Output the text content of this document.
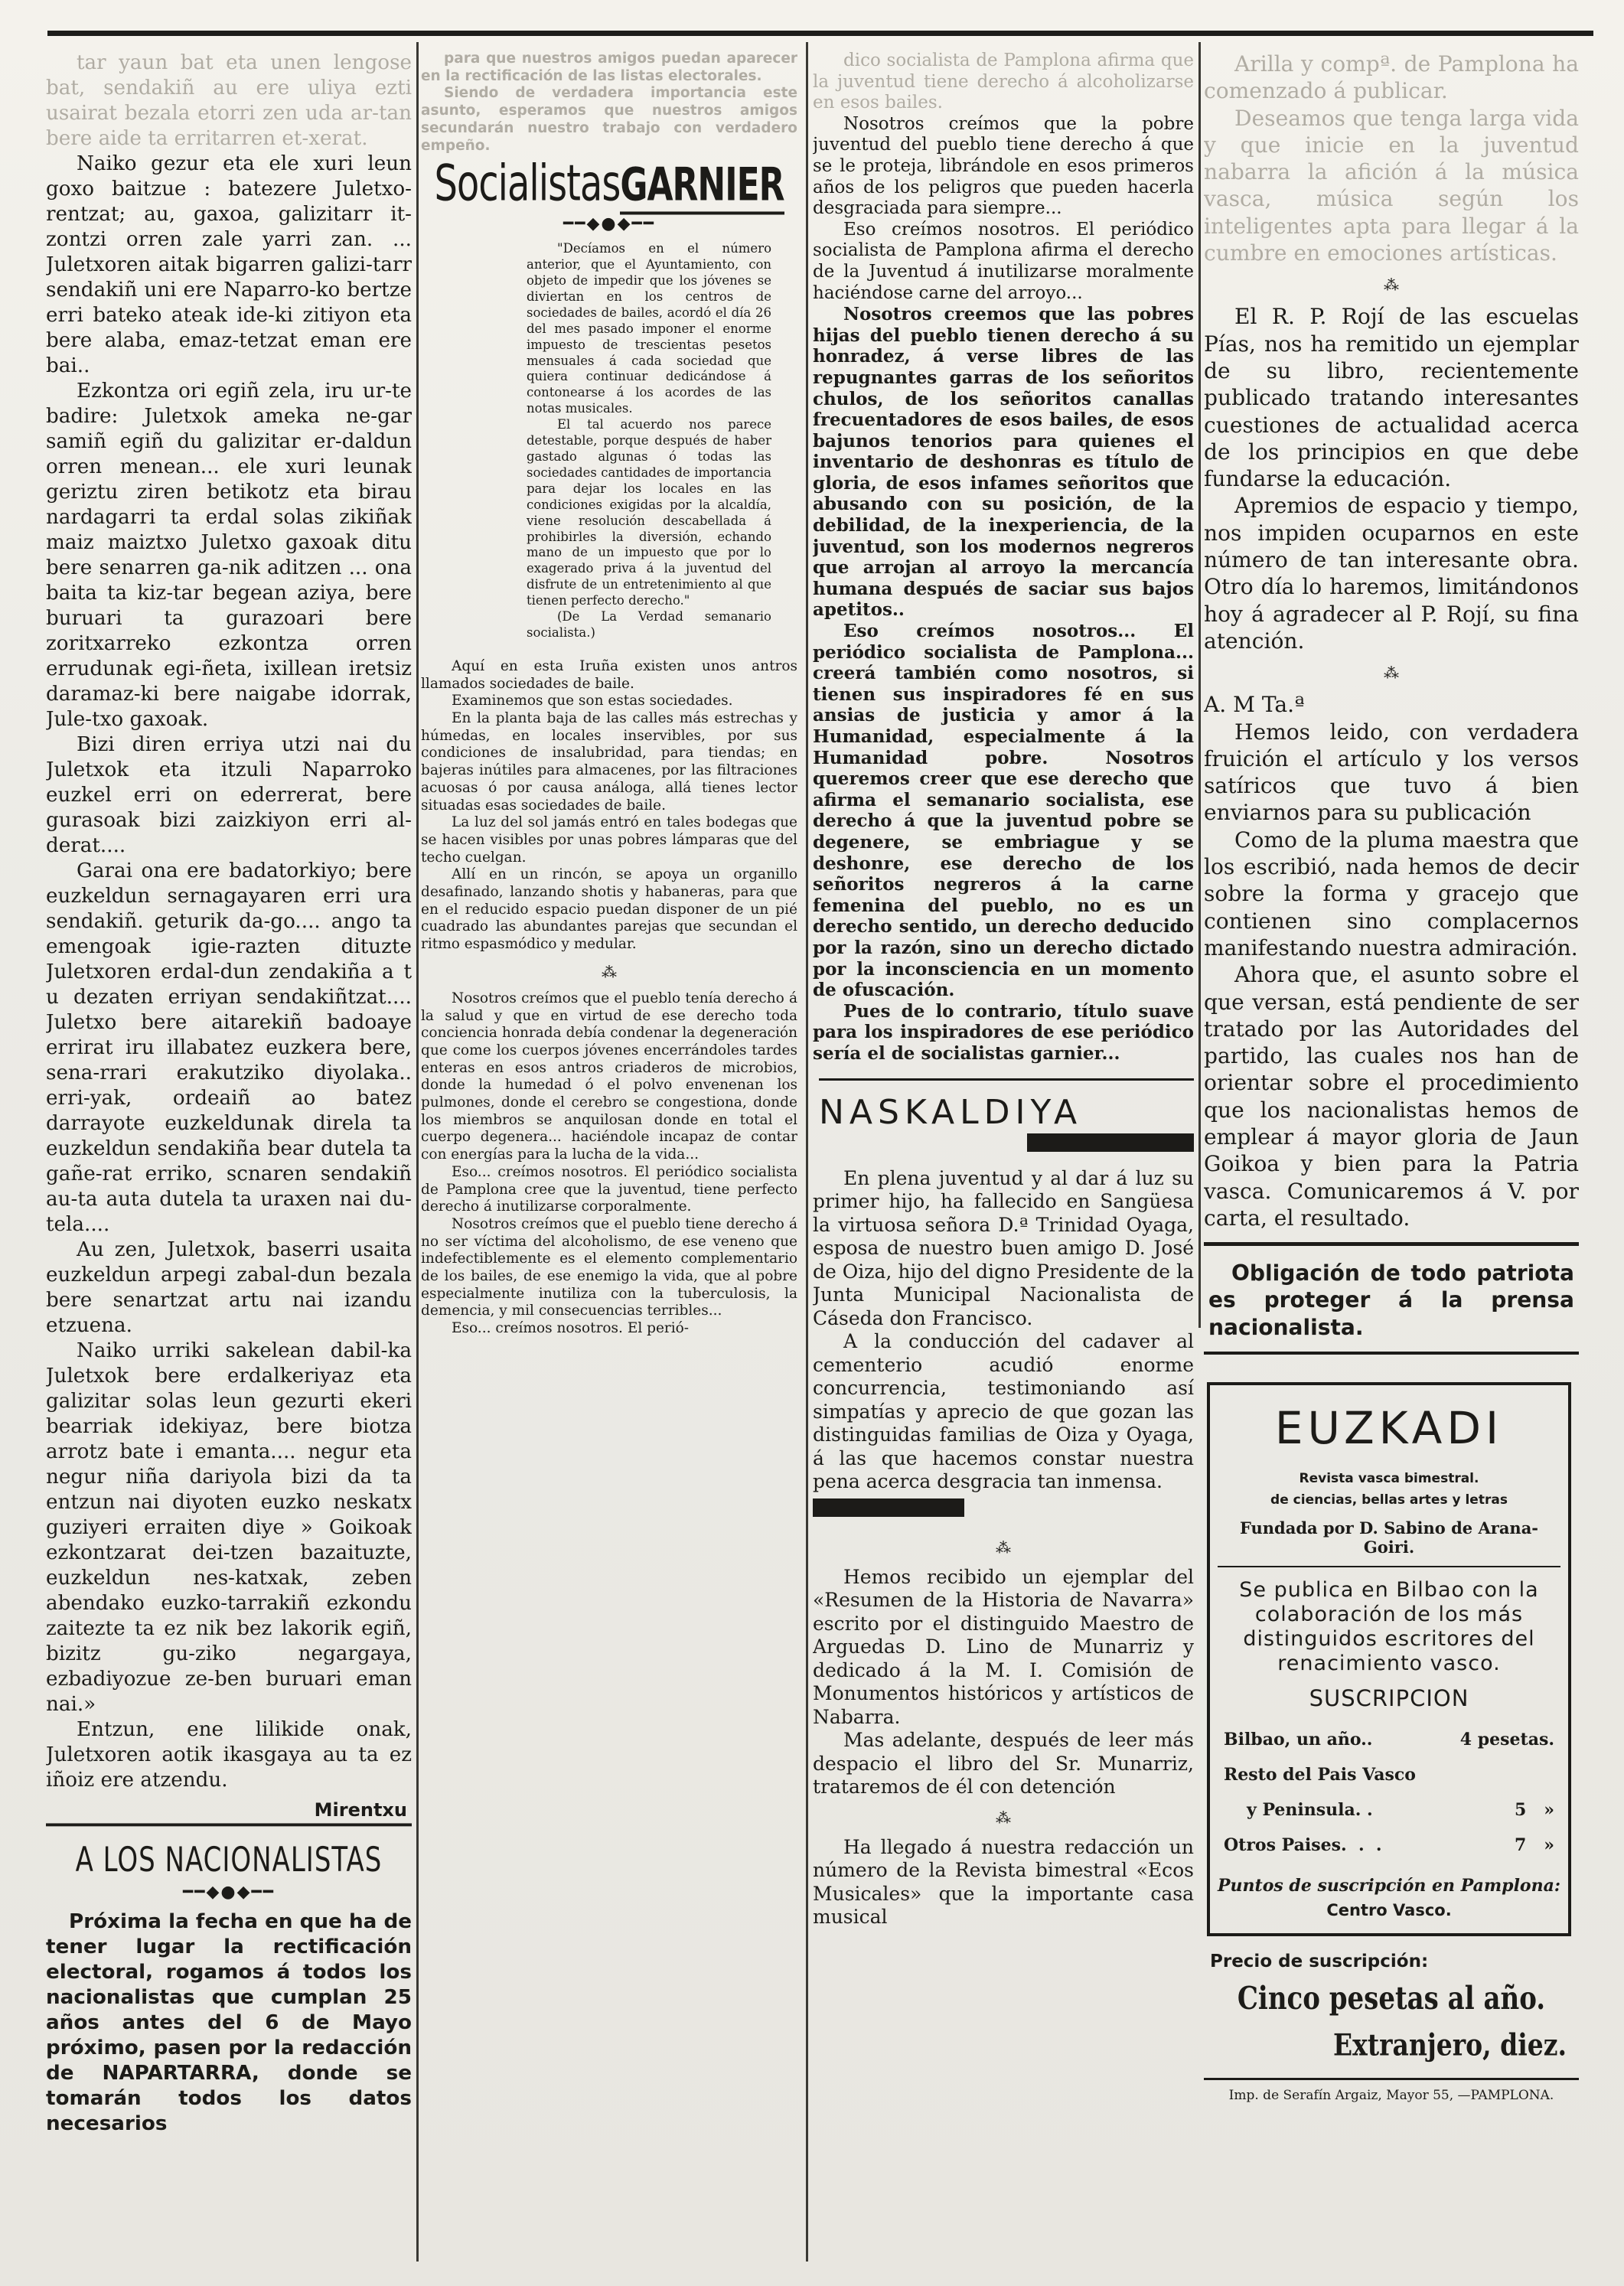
tar yaun bat eta unen lengose bat, sendakiñ au ere uliya ezti usairat bezala etorri zen uda ar-tan bere aide ta erritarren et-xerat.

Naiko gezur eta ele xuri leun goxo baitzue : batezere Juletxo-rentzat; au, gaxoa, galizitarr it-zontzi orren zale yarri zan. ... Juletxoren aitak bigarren galizi-tarr sendakiñ uni ere Naparro-ko bertze erri bateko ateak ide-ki zitiyon eta bere alaba, emaz-tetzat eman ere bai..

Ezkontza ori egiñ zela, iru ur-te badire: Juletxok ameka ne-gar samiñ egiñ du galizitar er-daldun orren menean... ele xuri leunak geriztu ziren betikotz eta birau nardagarri ta erdal solas zikiñak maiz maiztxo Juletxo gaxoak ditu bere senarren ga-nik aditzen ... ona baita ta kiz-tar begean aziya, bere buruari ta gurazoari bere zoritxarreko ezkontza orren errudunak egi-ñeta, ixillean iretsiz daramaz-ki bere naigabe idorrak, Jule-txo gaxoak.

Bizi diren erriya utzi nai du Juletxok eta itzuli Naparroko euzkel erri on ederrerat, bere gurasoak bizi zaizkiyon erri al-derat....

Garai ona ere badatorkiyo; bere euzkeldun sernagayaren erri ura sendakiñ. geturik da-go.... ango ta emengoak igie-razten dituzte Juletxoren erdal-dun zendakiña a t u dezaten erriyan sendakiñtzat.... Juletxo bere aitarekiñ badoaye errirat iru illabatez euzkera bere, sena-rrari erakutziko diyolaka.. erri-yak, ordeaiñ ao batez darrayote euzkeldunak direla ta euzkeldun sendakiña bear dutela ta gañe-rat erriko, scnaren sendakiñ au-ta auta dutela ta uraxen nai du-tela....

Au zen, Juletxok, baserri usaita euzkeldun arpegi zabal-dun bezala bere senartzat artu nai izandu etzuena.

Naiko urriki sakelean dabil-ka Juletxok bere erdalkeriyaz eta galizitar solas leun gezurti ekeri bearriak idekiyaz, bere biotza arrotz bate i emanta.... negur eta negur niña dariyola bizi da ta entzun nai diyoten euzko neskatx guziyeri erraiten diye » Goikoak ezkontzarat dei-tzen bazaituzte, euzkeldun nes-katxak, zeben abendako euzko-tarrakiñ ezkondu zaitezte ta ez nik bez lakorik egiñ, bizitz gu-ziko negargaya, ezbadiyozue ze-ben buruari eman nai.»

Entzun, ene lilikide onak, Juletxoren aotik ikasgaya au ta ez iñoiz ere atzendu.

Mirentxu
A LOS NACIONALISTAS
━━◆●◆━━

Próxima la fecha en que ha de tener lugar la rectificación electoral, rogamos á todos los nacionalistas que cumplan 25 años antes del 6 de Mayo próximo, pasen por la redacción de NAPARTARRA, donde se tomarán todos los datos necesarios

para que nuestros amigos puedan aparecer en la rectificación de las listas electorales.

Siendo de verdadera importancia este asunto, esperamos que nuestros amigos secundarán nuestro trabajo con verdadero empeño.

SocialistasGARNIER
━━◆●◆━━

"Decíamos en el número anterior, que el Ayuntamiento, con objeto de impedir que los jóvenes se diviertan en los centros de sociedades de bailes, acordó el día 26 del mes pasado imponer el enorme impuesto de trescientas pesetos mensuales á cada sociedad que quiera continuar dedicándose á contonearse á los acordes de las notas musicales.

El tal acuerdo nos parece detestable, porque después de haber gastado algunas ó todas las sociedades cantidades de importancia para dejar los locales en las condiciones exigidas por la alcaldía, viene resolución descabellada á prohibirles la diversión, echando mano de un impuesto que por lo exagerado priva á la juventud del disfrute de un entretenimiento al que tienen perfecto derecho."

(De La Verdad semanario socialista.)

Aquí en esta Iruña existen unos antros llamados sociedades de baile.

Examinemos que son estas sociedades.

En la planta baja de las calles más estrechas y húmedas, en locales inservibles, por sus condiciones de insalubridad, para tiendas; en bajeras inútiles para almacenes, por las filtraciones acuosas ó por causa análoga, allá tienes lector situadas esas sociedades de baile.

La luz del sol jamás entró en tales bodegas que se hacen visibles por unas pobres lámparas que del techo cuelgan.

Allí en un rincón, se apoya un organillo desafinado, lanzando shotis y habaneras, para que en el reducido espacio puedan disponer de un pié cuadrado las abundantes parejas que secundan el ritmo espasmódico y medular.

⁂

Nosotros creímos que el pueblo tenía derecho á la salud y que en virtud de ese derecho toda conciencia honrada debía condenar la degeneración que come los cuerpos jóvenes encerrándoles tardes enteras en esos antros criaderos de microbios, donde la humedad ó el polvo envenenan los pulmones, donde el cerebro se congestiona, donde los miembros se anquilosan donde en total el cuerpo degenera... haciéndole incapaz de contar con energías para la lucha de la vida...

Eso... creímos nosotros. El periódico socialista de Pamplona cree que la juventud, tiene perfecto derecho á inutilizarse corporalmente.

Nosotros creímos que el pueblo tiene derecho á no ser víctima del alcoholismo, de ese veneno que indefectiblemente es el elemento complementario de los bailes, de ese enemigo la vida, que al pobre especialmente inutiliza con la tuberculosis, la demencia, y mil consecuencias terribles...

Eso... creímos nosotros. El perió-

dico socialista de Pamplona afirma que la juventud tiene derecho á alcoholizarse en esos bailes.

Nosotros creímos que la pobre juventud del pueblo tiene derecho á que se le proteja, librándole en esos primeros años de los peligros que pueden hacerla desgraciada para siempre...

Eso creímos nosotros. El periódico socialista de Pamplona afirma el derecho de la Juventud á inutilizarse moralmente haciéndose carne del arroyo...

Nosotros creemos que las pobres hijas del pueblo tienen derecho á su honradez, á verse libres de las repugnantes garras de los señoritos chulos, de los señoritos canallas frecuentadores de esos bailes, de esos bajunos tenorios para quienes el inventario de deshonras es título de gloria, de esos infames señoritos que abusando con su posición, de la debilidad, de la inexperiencia, de la juventud, son los modernos negreros que arrojan al arroyo la mercancía humana después de saciar sus bajos apetitos..

Eso creímos nosotros... El periódico socialista de Pamplona... creerá también como nosotros, si tienen sus inspiradores fé en sus ansias de justicia y amor á la Humanidad, especialmente á la Humanidad pobre. Nosotros queremos creer que ese derecho que afirma el semanario socialista, ese derecho á que la juventud pobre se degenere, se embriague y se deshonre, ese derecho de los señoritos negreros á la carne femenina del pueblo, no es un derecho sentido, un derecho deducido por la razón, sino un derecho dictado por la inconsciencia en un momento de ofuscación.

Pues de lo contrario, título suave para los inspiradores de ese periódico sería el de socialistas garnier...

NASKALDIYA

En plena juventud y al dar á luz su primer hijo, ha fallecido en Sangüesa la virtuosa señora D.ª Trinidad Oyaga, esposa de nuestro buen amigo D. José de Oiza, hijo del digno Presidente de la Junta Municipal Nacionalista de Cáseda don Francisco.

A la conducción del cadaver al cementerio acudió enorme concurrencia, testimoniando así simpatías y aprecio de que gozan las distinguidas familias de Oiza y Oyaga, á las que hacemos constar nuestra pena acerca desgracia tan inmensa.

⁂

Hemos recibido un ejemplar del «Resumen de la Historia de Navarra» escrito por el distinguido Maestro de Arguedas D. Lino de Munarriz y dedicado á la M. I. Comisión de Monumentos históricos y artísticos de Nabarra.

Mas adelante, después de leer más despacio el libro del Sr. Munarriz, trataremos de él con detención

⁂

Ha llegado á nuestra redacción un número de la Revista bimestral «Ecos Musicales» que la importante casa musical

Arilla y compª. de Pamplona ha comenzado á publicar.

Deseamos que tenga larga vida y que inicie en la juventud nabarra la afición á la música vasca, música según los inteligentes apta para llegar á la cumbre en emociones artísticas.

⁂

El R. P. Rojí de las escuelas Pías, nos ha remitido un ejemplar de su libro, recientemente publicado tratando interesantes cuestiones de actualidad acerca de los principios en que debe fundarse la educación.

Apremios de espacio y tiempo, nos impiden ocuparnos en este número de tan interesante obra. Otro día lo haremos, limitándonos hoy á agradecer al P. Rojí, su fina atención.

⁂

A. M Ta.ª

Hemos leido, con verdadera fruición el artículo y los versos satíricos que tuvo á bien enviarnos para su publicación

Como de la pluma maestra que los escribió, nada hemos de decir sobre la forma y gracejo que contienen sino complacernos manifestando nuestra admiración.

Ahora que, el asunto sobre el que versan, está pendiente de ser tratado por las Autoridades del partido, las cuales nos han de orientar sobre el procedimiento que los nacionalistas hemos de emplear á mayor gloria de Jaun Goikoa y bien para la Patria vasca. Comunicaremos á V. por carta, el resultado.

Obligación de todo patriota es proteger á la prensa nacionalista.

EUZKADI
Revista vasca bimestral.
de ciencias, bellas artes y letras
Fundada por D. Sabino de Arana-Goiri.
Se publica en Bilbao con la colaboración de los más distinguidos escritores del renacimiento vasco.
SUSCRIPCION
Bilbao, un año..	4 pesetas.
Resto del Pais Vasco
y Peninsula. .	5   »
Otros Paises.  .  .	7   »
Puntos de suscripción en Pamplona: Centro Vasco.
Precio de suscripción:
Cinco pesetas al año.
Extranjero, diez.
Imp. de Serafín Argaiz, Mayor 55, —PAMPLONA.
